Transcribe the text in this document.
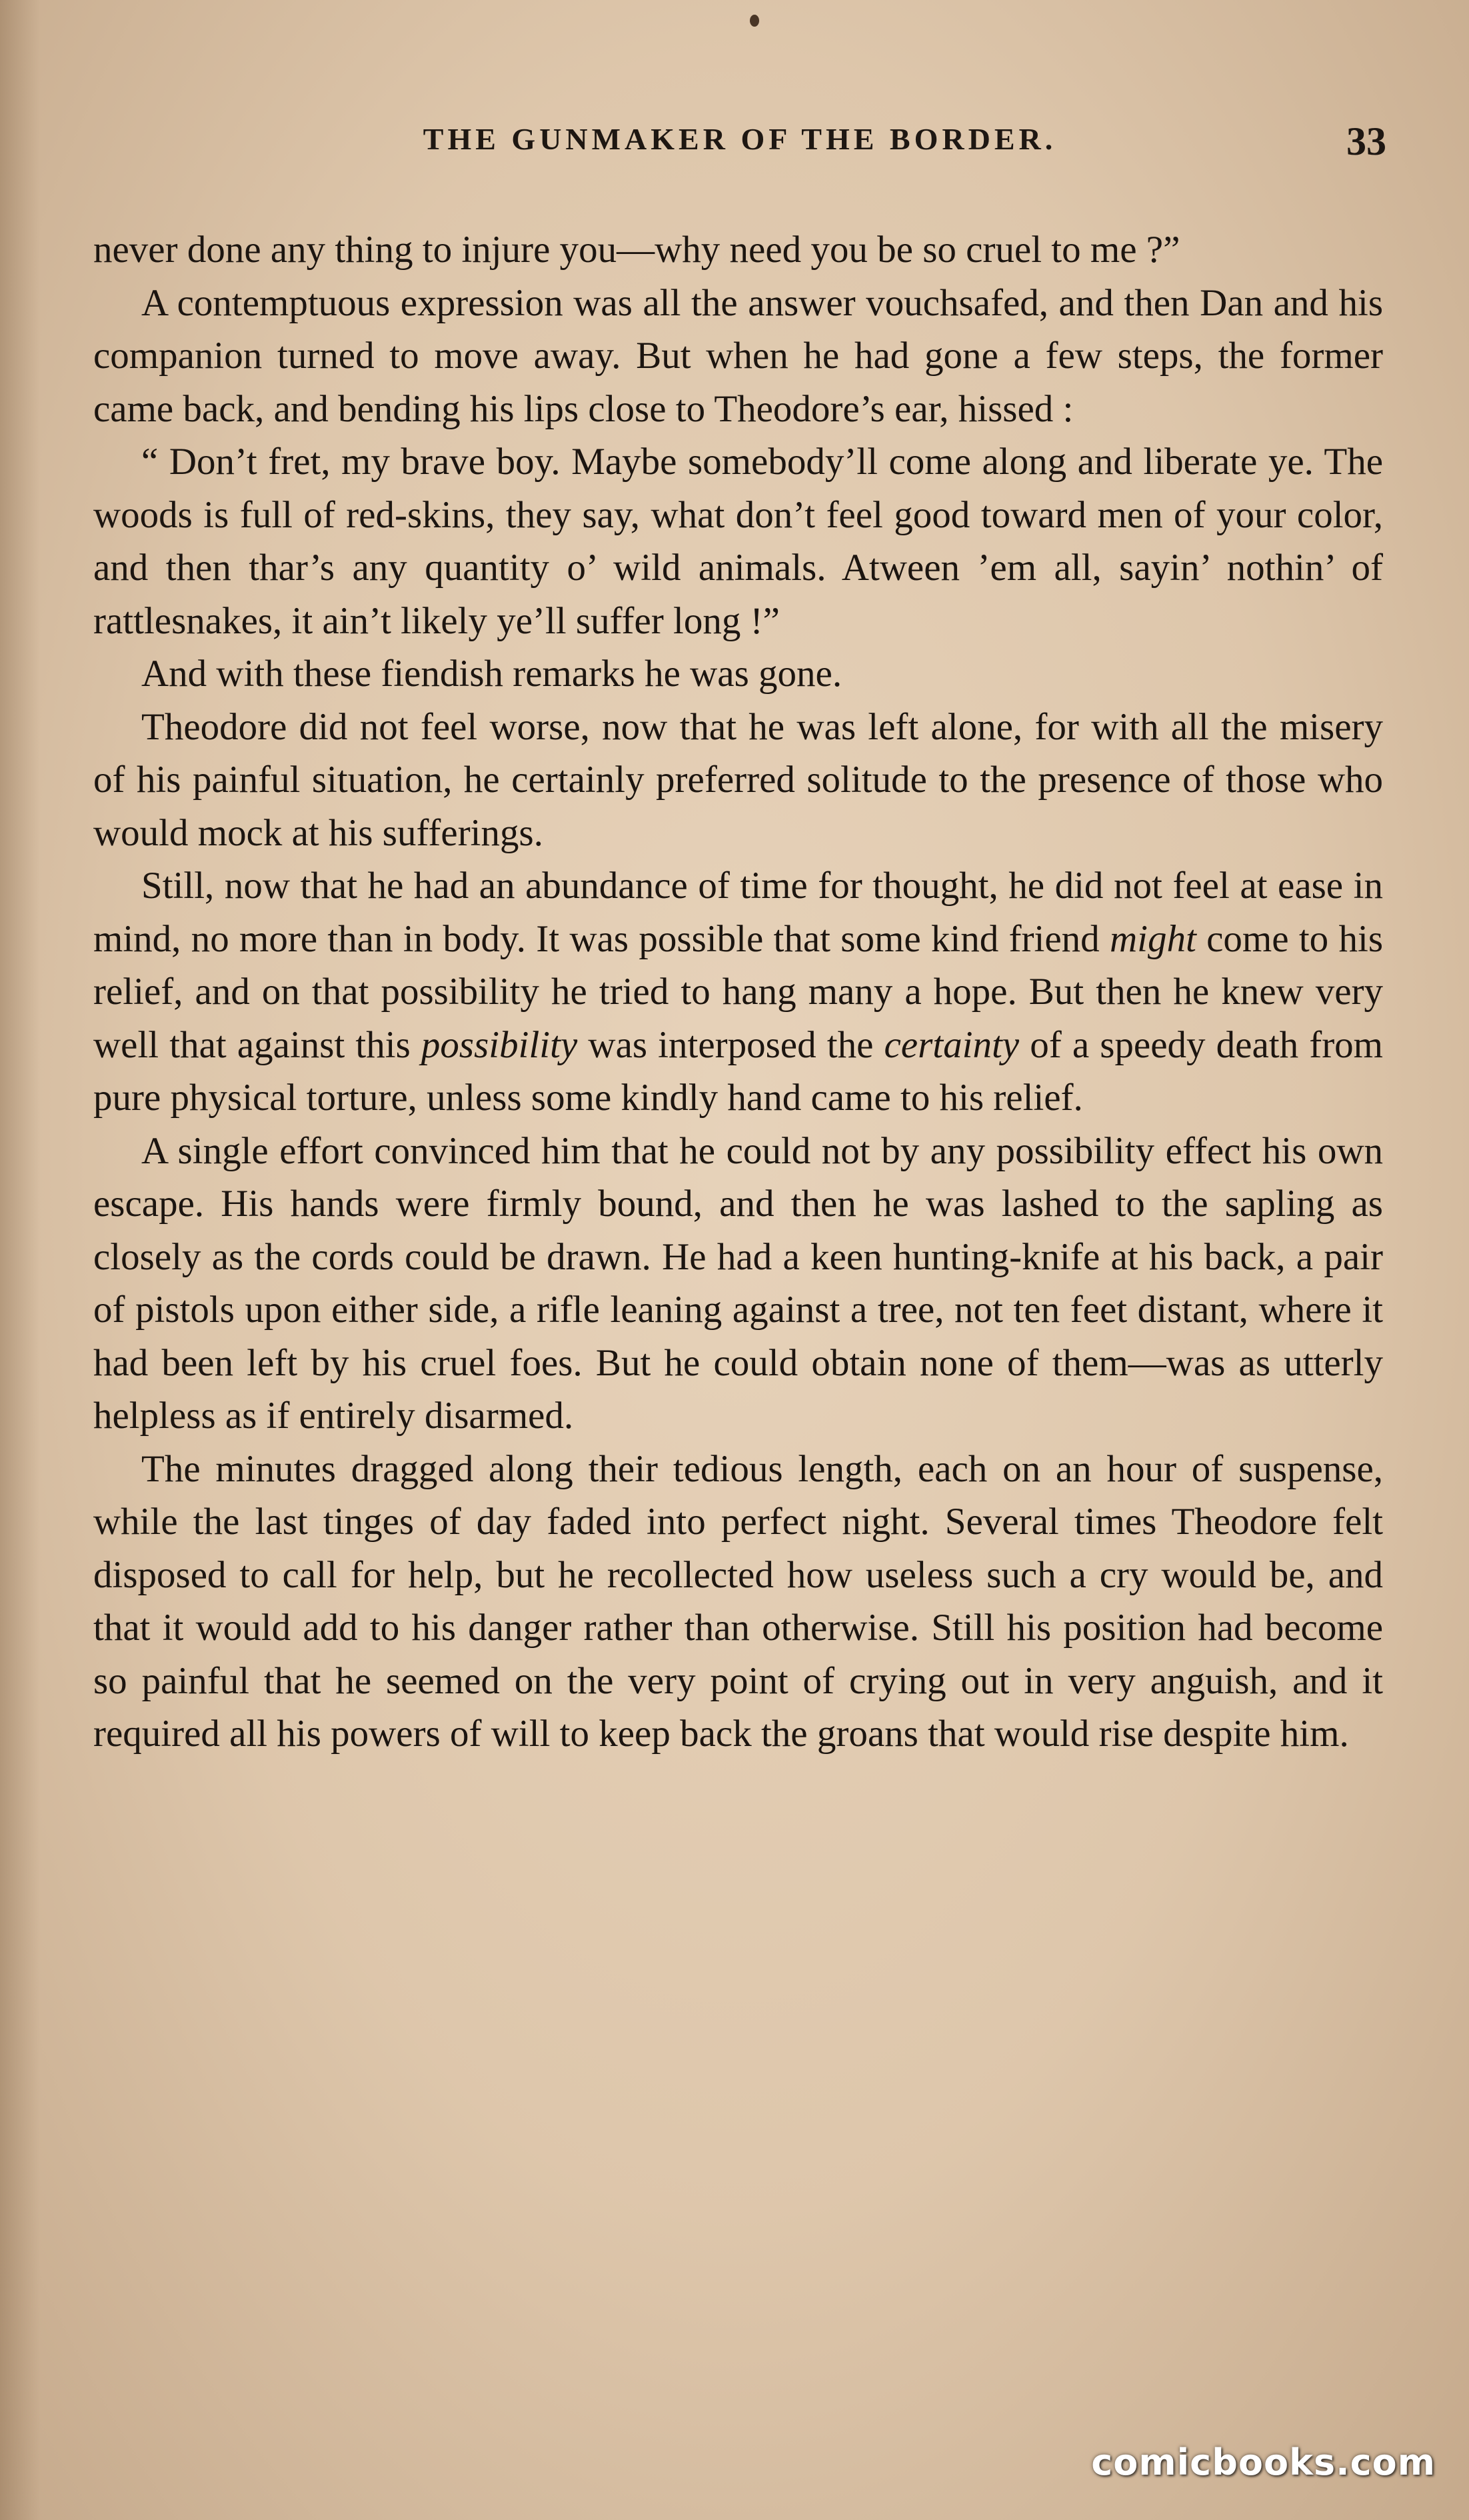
THE GUNMAKER OF THE BORDER.	33

never done any thing to injure you—why need you be so cruel to me ?”

A contemptuous expression was all the answer vouchsafed, and then Dan and his companion turned to move away. But when he had gone a few steps, the former came back, and bending his lips close to Theodore’s ear, hissed :

“ Don’t fret, my brave boy. Maybe somebody’ll come along and liberate ye. The woods is full of red-skins, they say, what don’t feel good toward men of your color, and then thar’s any quantity o’ wild animals. Atween ’em all, sayin’ nothin’ of rattlesnakes, it ain’t likely ye’ll suffer long !”

And with these fiendish remarks he was gone.

Theodore did not feel worse, now that he was left alone, for with all the misery of his painful situation, he certainly preferred solitude to the presence of those who would mock at his sufferings.

Still, now that he had an abundance of time for thought, he did not feel at ease in mind, no more than in body. It was possible that some kind friend might come to his relief, and on that possibility he tried to hang many a hope. But then he knew very well that against this possibility was interposed the certainty of a speedy death from pure physical torture, unless some kindly hand came to his relief.

A single effort convinced him that he could not by any possibility effect his own escape. His hands were firmly bound, and then he was lashed to the sapling as closely as the cords could be drawn. He had a keen hunting-knife at his back, a pair of pistols upon either side, a rifle leaning against a tree, not ten feet distant, where it had been left by his cruel foes. But he could obtain none of them—was as utterly helpless as if entirely disarmed.

The minutes dragged along their tedious length, each on an hour of suspense, while the last tinges of day faded into perfect night. Several times Theodore felt disposed to call for help, but he recollected how useless such a cry would be, and that it would add to his danger rather than otherwise. Still his position had become so painful that he seemed on the very point of crying out in very anguish, and it required all his powers of will to keep back the groans that would rise despite him.

comicbooks.com
